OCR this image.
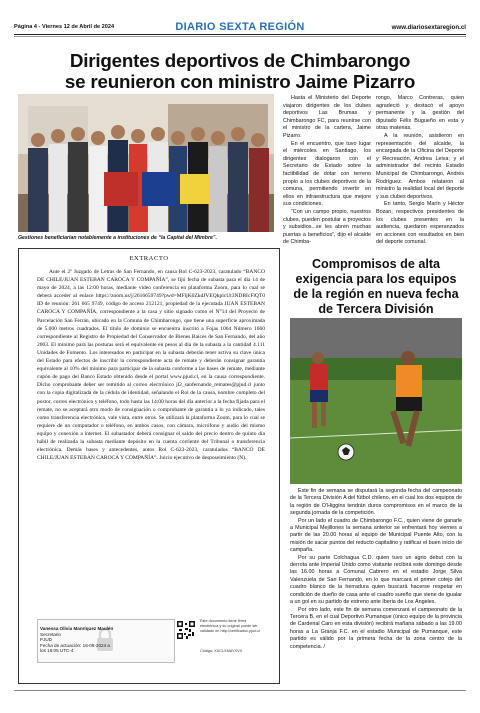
Página 4 - Viernes 12 de Abril de 2024	DIARIO SEXTA REGIÓN	www.diariosextaregion.cl
Dirigentes deportivos de Chimbarongo
se reunieron con ministro Jaime Pizarro
Gestiones beneficiarían notablemente a instituciones de “la Capital del Mimbre”.

Hasta el Ministerio del Deporte viajaron dirigentes de los clubes deportivos Las Brumas y Chimbarongo FC, para reunirse con el ministro de la cartera, Jaime Pizarro.

En el encuentro, que tuvo lugar el miércoles en Santiago, los dirigentes dialogaron con el Secretario de Estado sobre la factibilidad de dotar con terreno propio a los clubes deportivos de la comuna, permitiendo invertir en ellos en infraestructura que mejore sus condiciones.

“Con un campo propio, nuestros clubes, pueden postular a proyectos y subsidios...se les abren muchas puertas a beneficios”, dijo el alcalde de Chimba-

rongo, Marco Contreras, quien agradeció y destacó el apoyo permanente y la gestión del diputado Félix Bugueño en esta y otras materias.

A la reunión, asistieron en representación del alcalde, la encargada de la Oficina del Deporte y Recreación, Andrea Leiva; y el administrador del recinto Estadio Municipal de Chimbarongo, Andrés Rodríguez. Ambos relataron al ministro la realidad local del deporte y sus clubes deportivos.

En tanto, Sergio Marín y Héctor Bozan, respectivos presidentes de los clubes presentes en la audiencia, quedaron esperanzados en acciones con resultados en bien del deporte comunal.

EXTRACTO

Ante el 2º Juzgado de Letras de San Fernando, en causa Rol C-623-2023, caratulado “BANCO DE CHILE/JUAN ESTEBAN CAROCA Y COMPAÑÍA”, se fijó fecha de subasta para el día 14 de mayo de 2024, a las 12:00 horas, mediante video conferencia en plataforma Zoom, para lo cual se deberá acceder al enlace https://zoom.us/j/2616659749?pwd=MFljK0ZkdJVEQkplcUt3NDBIcFlQT0 ID de reunión: 261 665 9749, código de acceso 212121, propiedad de la ejecutada JUAN ESTEBAN CAROCA Y COMPAÑÍA, correspondiente a la casa y sitio signado como el N°14 del Proyecto de Parcelación San Ferrán, ubicado en la Comuna de Chimbarongo, que tiene una superficie aproximada de 5.000 metros cuadrados. El título de dominio se encuentra inscrito a Fojas 1064 Número 1660 correspondiente al Registro de Propiedad del Conservador de Bienes Raíces de San Fernando, del año 2003. El mínimo para las posturas será el equivalente en pesos al día de la subasta a la cantidad 4.111 Unidades de Fomento. Los interesados en participar en la subasta deberán tener activa su clave única del Estado para efectos de inscribir la correspondiente acta de remate y deberán consignar garantía equivalente al 10% del mínimo para participar de la subasta conforme a las bases de remate, mediante cupón de pago del Banco Estado obtenido desde el portal www.pjud.cl, en la causa correspondiente. Dicho comprobante deber ser remitido al correo electrónico jl2_sanfernando_remates@pjud.cl junto con la copia digitalizada de la cédula de identidad, señalando el Rol de la causa, nombre completo del postor, correo electrónico y teléfono, todo hasta las 14:00 horas del día anterior a la fecha fijada para el remate, no se aceptará otro modo de consignación o comprobante de garantía a lo ya indicado, tales como transferencia electrónica, vale vista, entre otros. Se utilizará la plataforma Zoom, para lo cual se requiere de un computador o teléfono, en ambos casos, con cámara, micrófono y audio del mismo equipo y conexión a internet. El subastador deberá consignar el saldo del precio dentro de quinto día hábil de realizada la subasta mediante depósito en la cuenta corriente del Tribunal o transferencia electrónica. Demás bases y antecedentes, autos Rol C-623-2023, caratulados “BANCO DE CHILE/JUAN ESTEBAN CAROCA Y COMPAÑÍA”. Juicio ejecutivo de desposeimiento (N).

Vanessa Olivia Manríquez Maulén
Secretario
PJUD
Fecha de actuación: 16-05-2024 a los 16:05 UTC-4
Este documento tiene firma electrónica y su original puede ser validado en http://verificadoc.pjud.cl
Código: XXCLXMAYXVX
Compromisos de alta
exigencia para los equipos
de la región en nueva fecha
de Tercera División

Este fin de semana se disputará la segunda fecha del campeonato de la Tercera División A del fútbol chileno, en el cual los dos equipos de la región de O’Higgins tendrán duros compromisos en el marco de la segunda jornada de la competición.

Por un lado el cuadro de Chimbarongo F.C., quien viene de ganarle a Municipal Mejillones la semana anterior se enfrentará hoy viernes a partir de las 20.00 horas al equipo de Municipal Puente Alto, con la misión de sacar puntos del reducto capitalino y ratificar el buen inicio de campaña.

Por su parte Colchagua C.D. quien tuvo un agrio debut con la derrota ante Imperial Unido como visitante recibirá este domingo desde las 16.00 horas a Comunal Cabrero en el estadio Jorge Silva Valenzuela de San Fernando, en lo que marcará el primer cotejo del cuadro blanco de la herradura quien buscará hacerse respetar en condición de dueño de casa ante el cuadro sureño que viene de igualar a un gol en su partido de estreno ante Iberia de Los Ángeles.

Por otro lado, este fin de semana comenzará el campeonato de la Tercera B, en el cual Deportivo Pumanque (único equipo de la provincia de Cardenal Caro en esta división) recibirá mañana sábado a las 19.00 horas a La Granja F.C. en el estadio Municipal de Pumanque, este partido es válido por la primera fecha de la zona centro de la competencia. /
